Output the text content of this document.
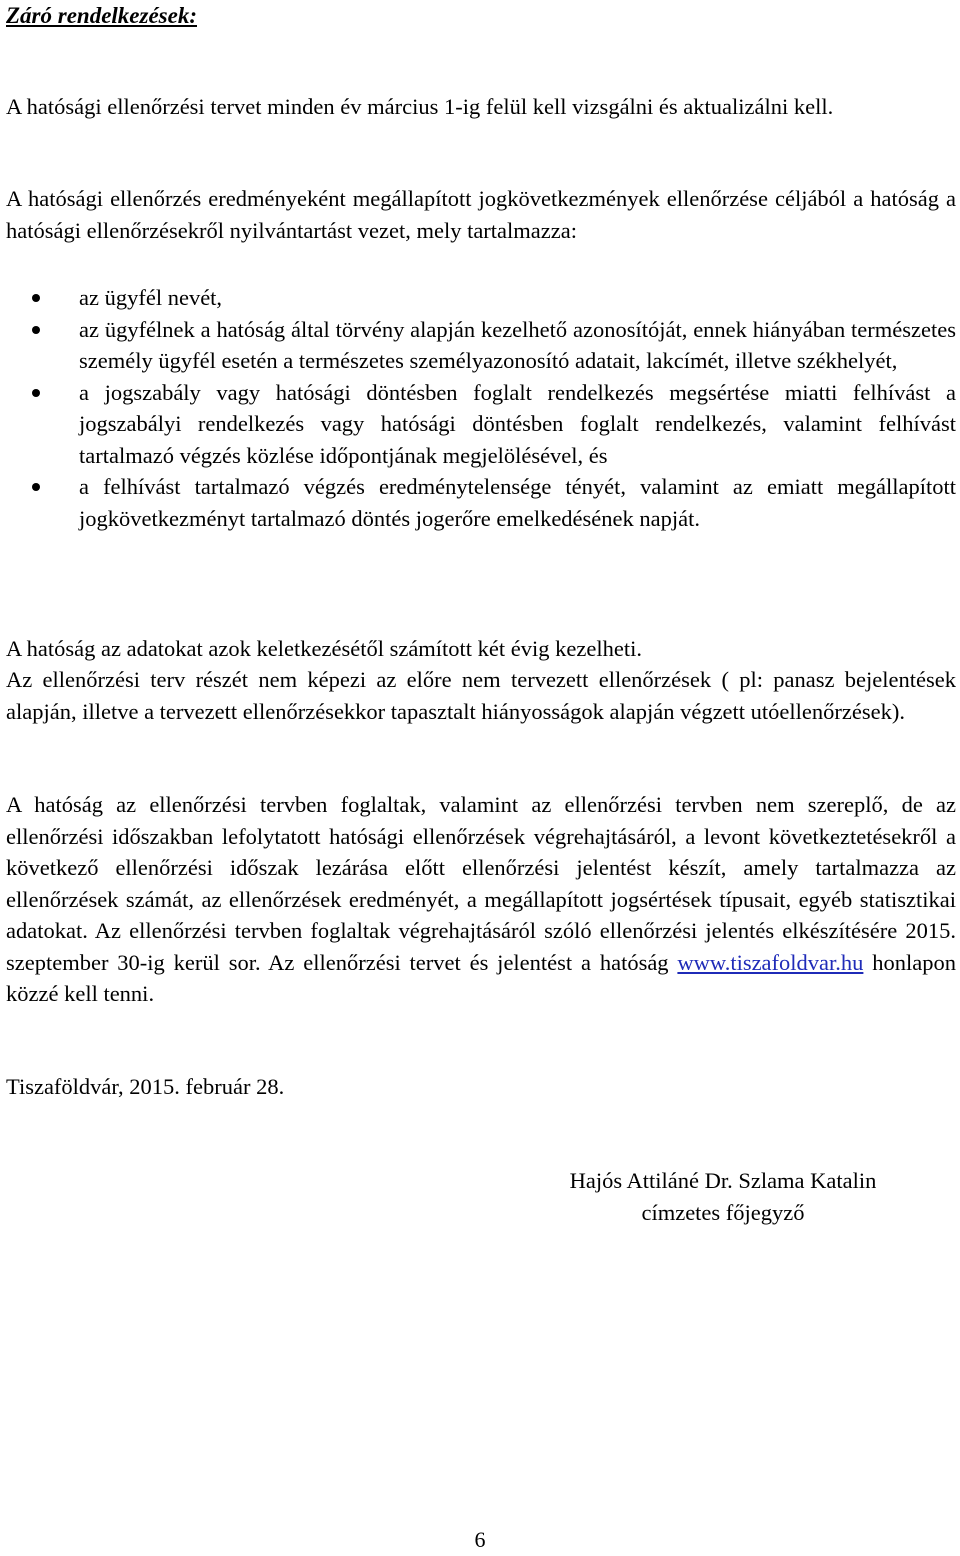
Záró rendelkezések:

A hatósági ellenőrzési tervet minden év március 1-ig felül kell vizsgálni és aktualizálni kell.

A hatósági ellenőrzés eredményeként megállapított jogkövetkezmények ellenőrzése céljából a hatóság a hatósági ellenőrzésekről nyilvántartást vezet, mely tartalmazza:

az ügyfél nevét,
az ügyfélnek a hatóság által törvény alapján kezelhető azonosítóját, ennek hiányában természetes személy ügyfél esetén a természetes személyazonosító adatait, lakcímét, illetve székhelyét,
a jogszabály vagy hatósági döntésben foglalt rendelkezés megsértése miatti felhívást a jogszabályi rendelkezés vagy hatósági döntésben foglalt rendelkezés, valamint felhívást tartalmazó végzés közlése időpontjának megjelölésével, és
a felhívást tartalmazó végzés eredménytelensége tényét, valamint az emiatt megállapított jogkövetkezményt tartalmazó döntés jogerőre emelkedésének napját.

A hatóság az adatokat azok keletkezésétől számított két évig kezelheti.

Az ellenőrzési terv részét nem képezi az előre nem tervezett ellenőrzések ( pl: panasz bejelentések alapján, illetve a tervezett ellenőrzésekkor tapasztalt hiányosságok alapján végzett utóellenőrzések).

A hatóság az ellenőrzési tervben foglaltak, valamint az ellenőrzési tervben nem szereplő, de az ellenőrzési időszakban lefolytatott hatósági ellenőrzések végrehajtásáról, a levont következtetésekről a következő ellenőrzési időszak lezárása előtt ellenőrzési jelentést készít, amely tartalmazza az ellenőrzések számát, az ellenőrzések eredményét, a megállapított jogsértések típusait, egyéb statisztikai adatokat. Az ellenőrzési tervben foglaltak végrehajtásáról szóló ellenőrzési jelentés elkészítésére 2015. szeptember 30-ig kerül sor. Az ellenőrzési tervet és jelentést a hatóság www.tiszafoldvar.hu honlapon közzé kell tenni.

Tiszaföldvár, 2015. február 28.

Hajós Attiláné Dr. Szlama Katalin
címzetes főjegyző
6
